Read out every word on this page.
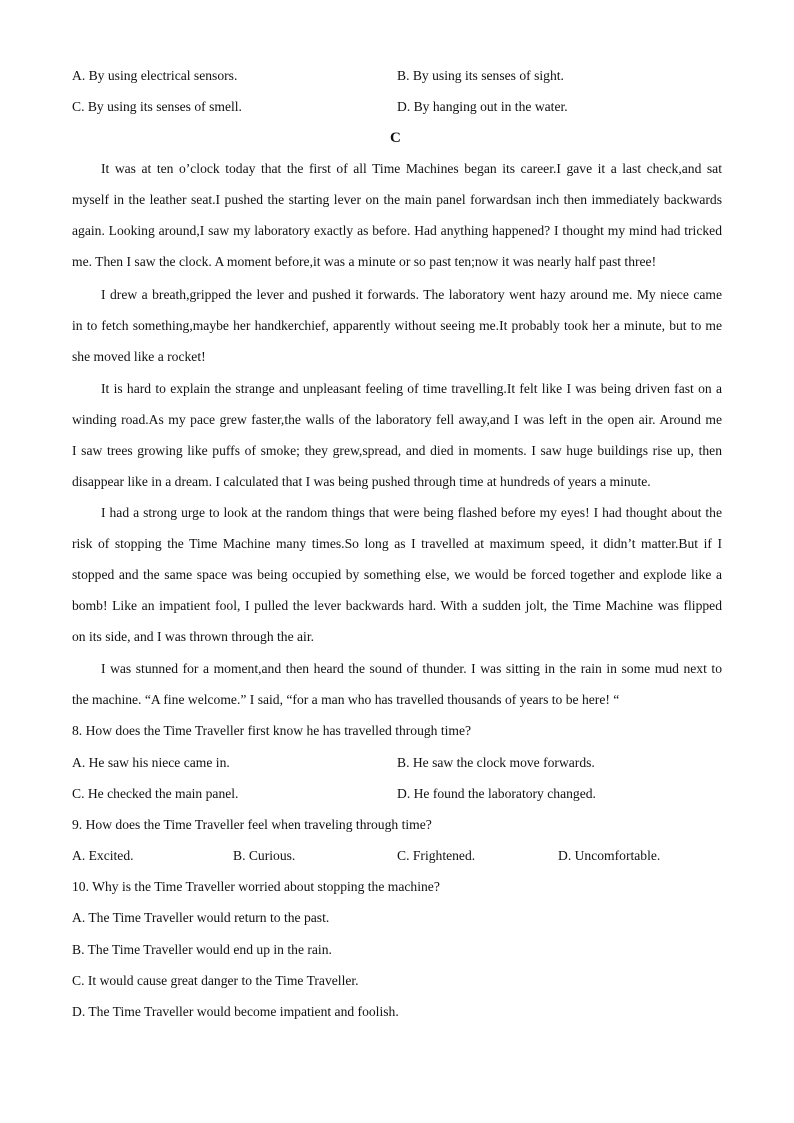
A. By using electrical sensors.	B. By using its senses of sight.
C. By using its senses of smell.	D. By hanging out in the water.
C
It was at ten o’clock today that the first of all Time Machines began its career.I gave it a last check,and sat
myself in the leather seat.I pushed the starting lever on the main panel forwardsan inch then immediately backwards
again. Looking around,I saw my laboratory exactly as before. Had anything happened? I thought my mind had tricked
me. Then I saw the clock. A moment before,it was a minute or so past ten;now it was nearly half past three!
I drew a breath,gripped the lever and pushed it forwards. The laboratory went hazy around me. My niece came
in to fetch something,maybe her handkerchief, apparently without seeing me.It probably took her a minute, but to me
she moved like a rocket!
It is hard to explain the strange and unpleasant feeling of time travelling.It felt like I was being driven fast on a
winding road.As my pace grew faster,the walls of the laboratory fell away,and I was left in the open air. Around me
I saw trees growing like puffs of smoke; they grew,spread, and died in moments. I saw huge buildings rise up, then
disappear like in a dream. I calculated that I was being pushed through time at hundreds of years a minute.
I had a strong urge to look at the random things that were being flashed before my eyes! I had thought about the
risk of stopping the Time Machine many times.So long as I travelled at maximum speed, it didn’t matter.But if I
stopped and the same space was being occupied by something else, we would be forced together and explode like a
bomb! Like an impatient fool, I pulled the lever backwards hard. With a sudden jolt, the Time Machine was flipped
on its side, and I was thrown through the air.
I was stunned for a moment,and then heard the sound of thunder. I was sitting in the rain in some mud next to
the machine. “A fine welcome.” I said, “for a man who has travelled thousands of years to be here! “
8. How does the Time Traveller first know he has travelled through time?
A. He saw his niece came in.	B. He saw the clock move forwards.
C. He checked the main panel.	D. He found the laboratory changed.
9. How does the Time Traveller feel when traveling through time?
A. Excited.	B. Curious.	C. Frightened.	D. Uncomfortable.
10. Why is the Time Traveller worried about stopping the machine?
A. The Time Traveller would return to the past.
B. The Time Traveller would end up in the rain.
C. It would cause great danger to the Time Traveller.
D. The Time Traveller would become impatient and foolish.
